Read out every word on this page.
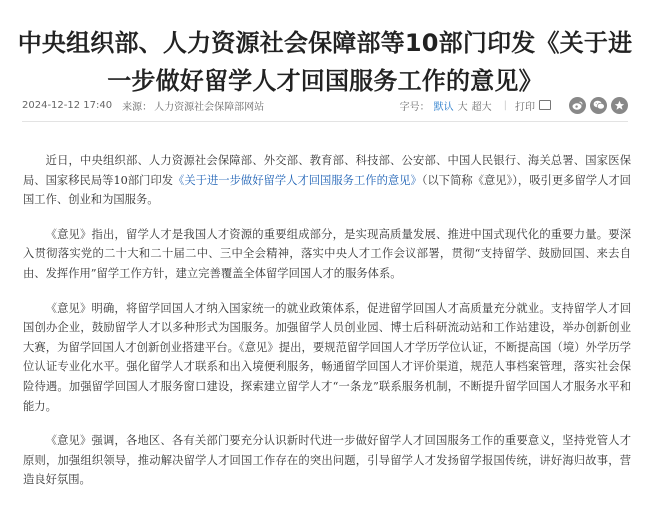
中央组织部、人力资源社会保障部等10部门印发《关于进一步做好留学人才回国服务工作的意见》
2024-12-12 17:40 来源： 人力资源社会保障部网站	字号： 默认 大 超大 | 打印

近日，中央组织部、人力资源社会保障部、外交部、教育部、科技部、公安部、中国人民银行、海关总署、国家医保局、国家移民局等10部门印发《关于进一步做好留学人才回国服务工作的意见》（以下简称《意见》），吸引更多留学人才回国工作、创业和为国服务。

《意见》指出，留学人才是我国人才资源的重要组成部分，是实现高质量发展、推进中国式现代化的重要力量。要深入贯彻落实党的二十大和二十届二中、三中全会精神，落实中央人才工作会议部署，贯彻“支持留学、鼓励回国、来去自由、发挥作用”留学工作方针，建立完善覆盖全体留学回国人才的服务体系。

《意见》明确，将留学回国人才纳入国家统一的就业政策体系，促进留学回国人才高质量充分就业。支持留学人才回国创办企业，鼓励留学人才以多种形式为国服务。加强留学人员创业园、博士后科研流动站和工作站建设，举办创新创业大赛，为留学回国人才创新创业搭建平台。《意见》提出，要规范留学回国人才学历学位认证，不断提高国（境）外学历学位认证专业化水平。强化留学人才联系和出入境便利服务，畅通留学回国人才评价渠道，规范人事档案管理，落实社会保险待遇。加强留学回国人才服务窗口建设，探索建立留学人才“一条龙”联系服务机制，不断提升留学回国人才服务水平和能力。

《意见》强调，各地区、各有关部门要充分认识新时代进一步做好留学人才回国服务工作的重要意义，坚持党管人才原则，加强组织领导，推动解决留学人才回国工作存在的突出问题，引导留学人才发扬留学报国传统，讲好海归故事，营造良好氛围。
